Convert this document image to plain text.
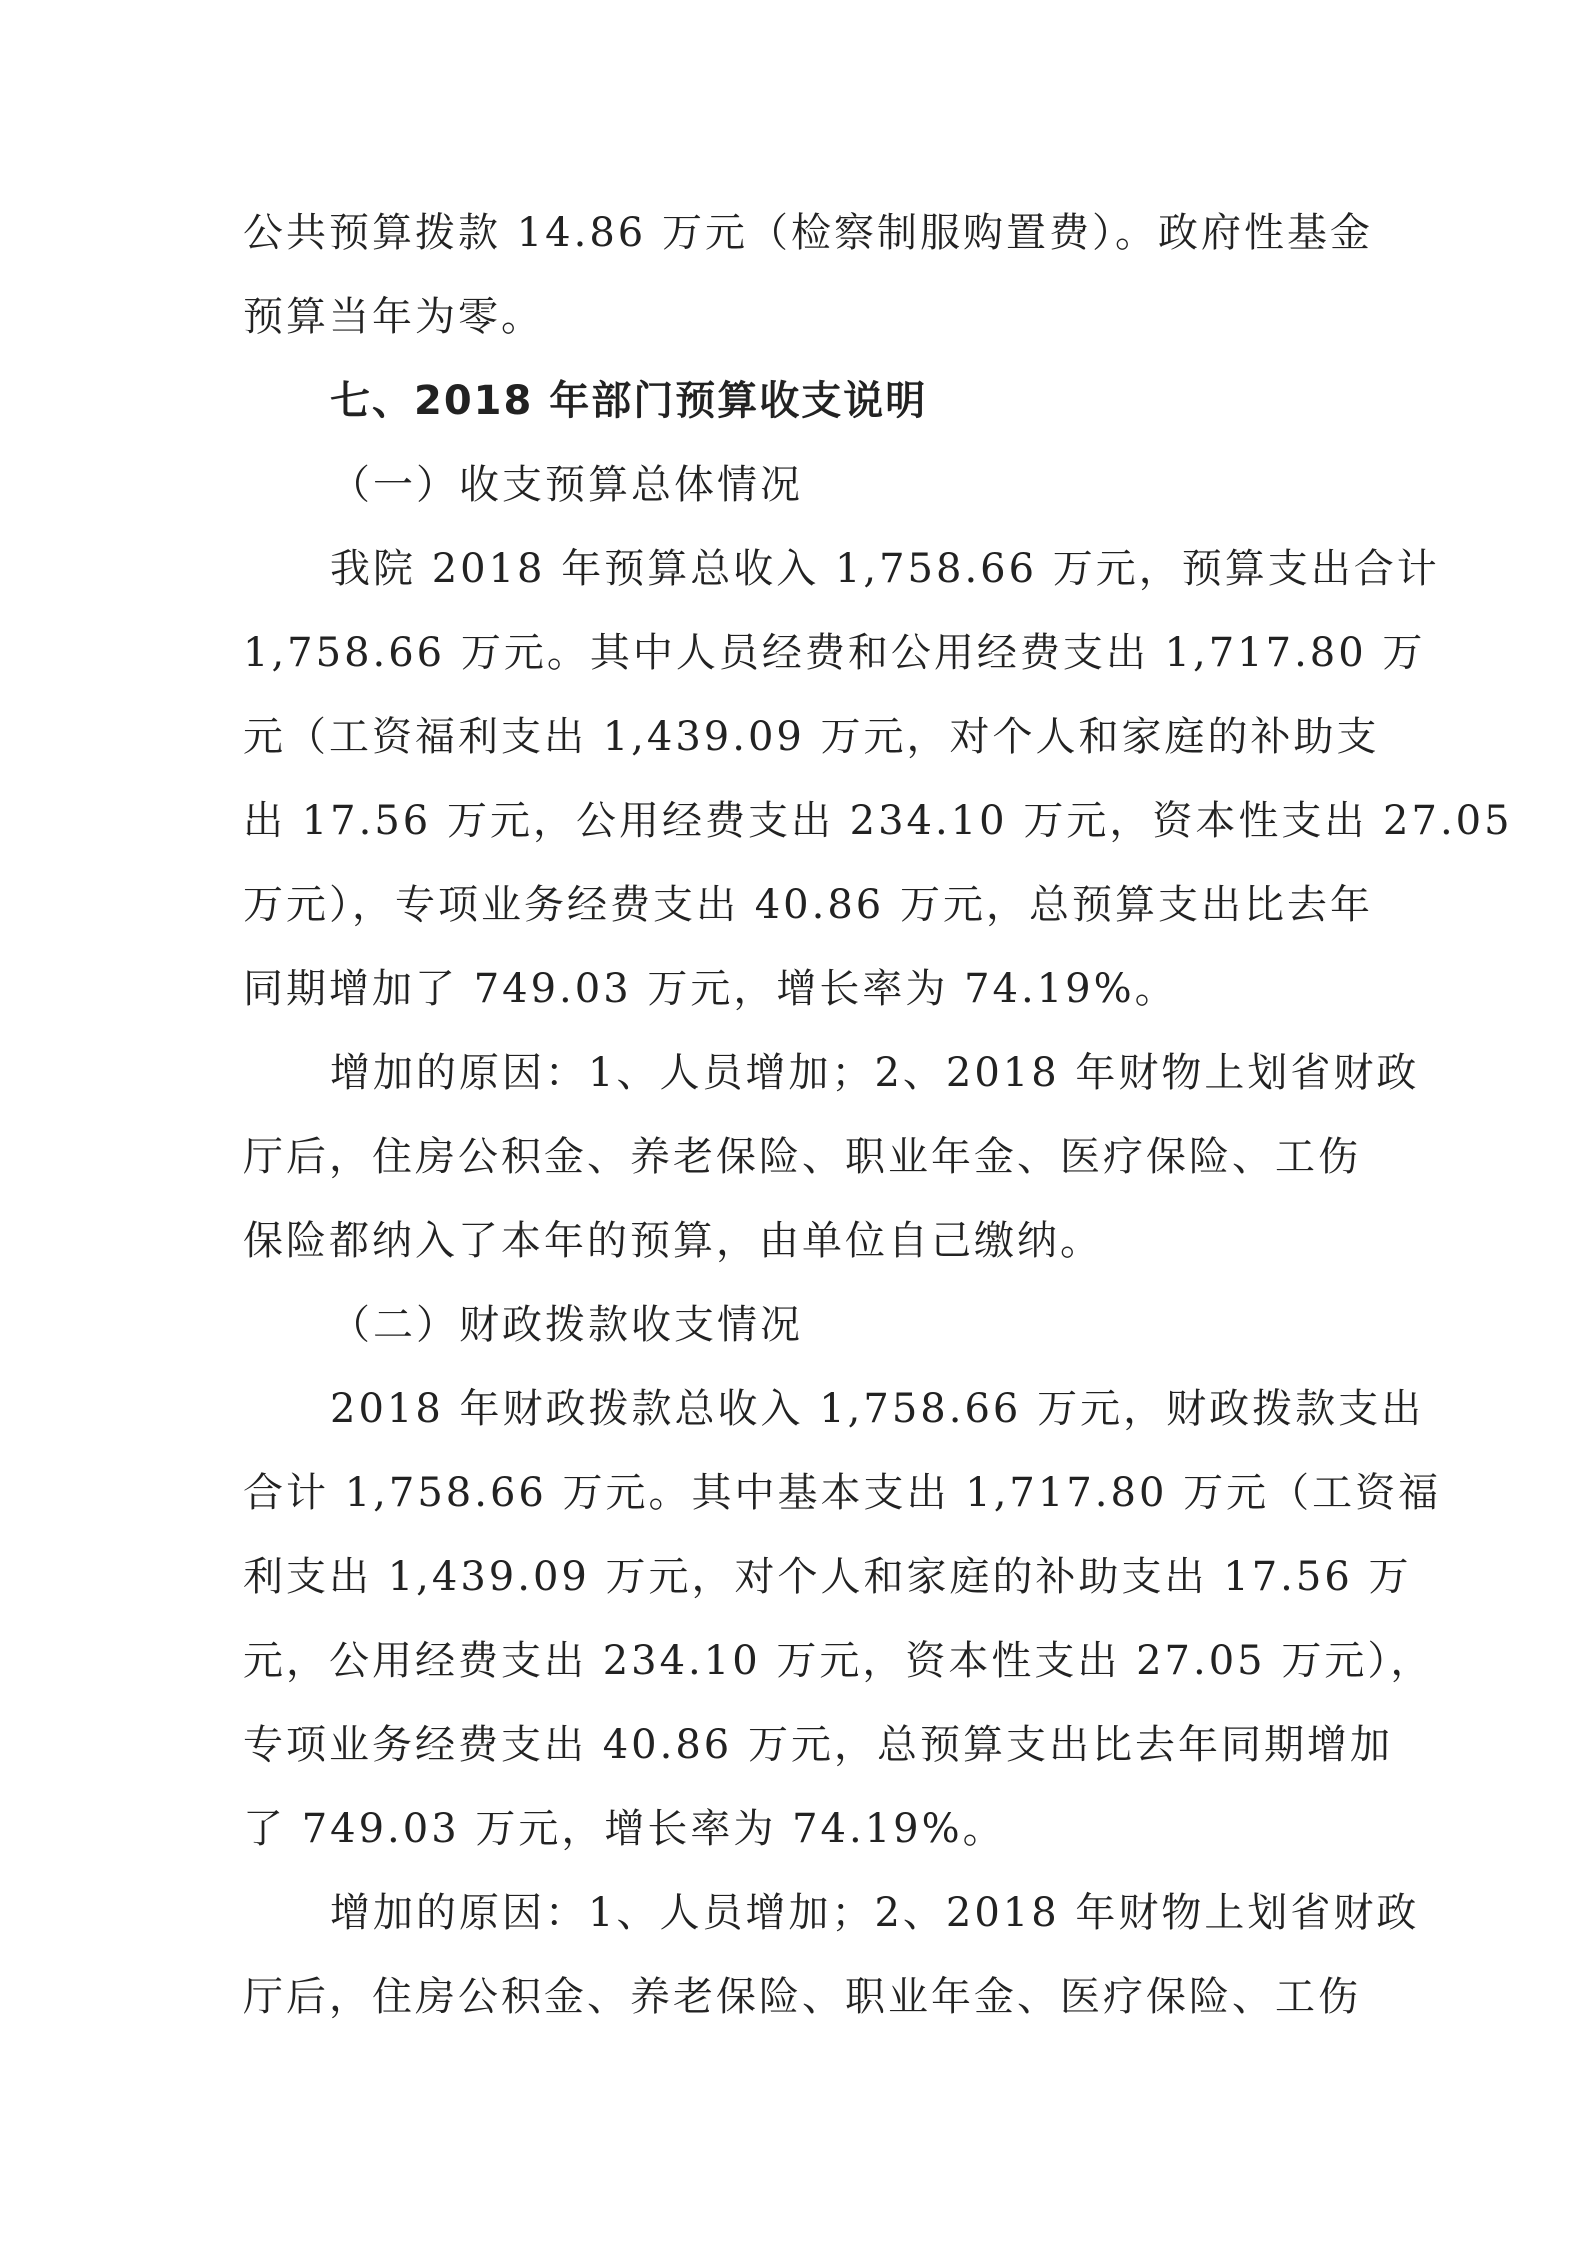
公共预算拨款 14.86 万元（检察制服购置费）。政府性基金
预算当年为零。
七、2018 年部门预算收支说明
（一）收支预算总体情况
我院 2018 年预算总收入 1,758.66 万元，预算支出合计
1,758.66 万元。其中人员经费和公用经费支出 1,717.80 万
元（工资福利支出 1,439.09 万元，对个人和家庭的补助支
出 17.56 万元，公用经费支出 234.10 万元，资本性支出 27.05
万元），专项业务经费支出 40.86 万元，总预算支出比去年
同期增加了 749.03 万元，增长率为 74.19%。
增加的原因：1、人员增加；2、2018 年财物上划省财政
厅后，住房公积金、养老保险、职业年金、医疗保险、工伤
保险都纳入了本年的预算，由单位自己缴纳。
（二）财政拨款收支情况
2018 年财政拨款总收入 1,758.66 万元，财政拨款支出
合计 1,758.66 万元。其中基本支出 1,717.80 万元（工资福
利支出 1,439.09 万元，对个人和家庭的补助支出 17.56 万
元，公用经费支出 234.10 万元，资本性支出 27.05 万元），
专项业务经费支出 40.86 万元，总预算支出比去年同期增加
了 749.03 万元，增长率为 74.19%。
增加的原因：1、人员增加；2、2018 年财物上划省财政
厅后，住房公积金、养老保险、职业年金、医疗保险、工伤
